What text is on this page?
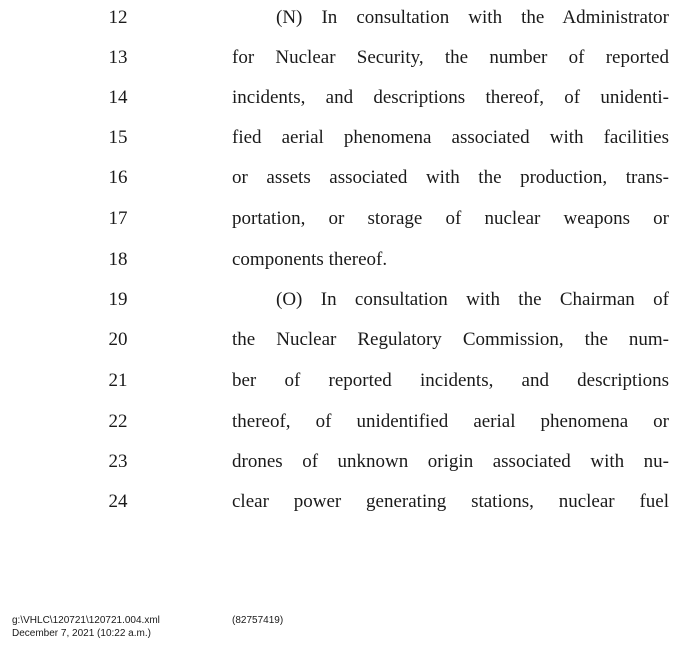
12	(N) In consultation with the Administrator
13	for Nuclear Security, the number of reported
14	incidents, and descriptions thereof, of unidenti-
15	fied aerial phenomena associated with facilities
16	or assets associated with the production, trans-
17	portation, or storage of nuclear weapons or
18	components thereof.
19	(O) In consultation with the Chairman of
20	the Nuclear Regulatory Commission, the num-
21	ber of reported incidents, and descriptions
22	thereof, of unidentified aerial phenomena or
23	drones of unknown origin associated with nu-
24	clear power generating stations, nuclear fuel
g:\VHLC\120721\120721.004.xml
December 7, 2021 (10:22 a.m.)
(82757419)
